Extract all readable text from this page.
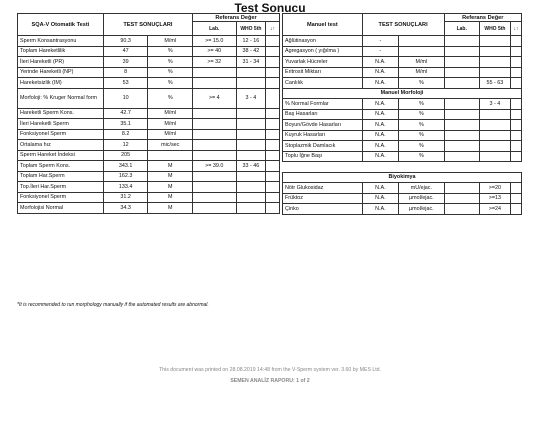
Test Sonucu
SQA-V Otomatik Testi	TEST SONUÇLARI		Referans Değer		
			Lab.	WHO 5th	↓↑
Sperm Konsantrasyonu	90.3	M/ml	>= 15.0	12 - 16	
Toplam Hareketlilik	47	%	>= 40	38 - 42	
İleri Hareketli (PR)	39	%	>= 32	31 - 34	
Yerinde Hareketli (NP)	8	%			
Hareketsizlik (IM)	53	%			
Morfoloji: % Kruger Normal form	10	%	>= 4	3 - 4	
Hareketli Sperm Kons.	42.7	M/ml			
İleri Hareketli Sperm	35.1	M/ml			
Fonksiyonel Sperm	8.2	M/ml			
Ortalama hız	12	mic/sec			
Sperm Hareket İndeksi	205				
Toplam Sperm Kons.	343.1	M	>= 39.0	33 - 46	
Toplam Har.Sperm	162.3	M			
Top.İleri Har.Sperm	133.4	M			
Fonksiyonel Sperm	31.2	M			
Morfolojisi Normal	34.3	M			
Manuel test	TEST SONUÇLARI		Referans Değer		
			Lab.	WHO 5th	↓↑
Ağlütinasyon	-				
Agregasyon ( yığılma )	-				
Yuvarlak Hücreler	N.A.	M/ml			
Eritrosit Miktarı	N.A.	M/ml			
Canlılık	N.A.	%		55 - 63	
Manuel Morfoloji					
% Normal Formlar	N.A.	%		3 - 4	
Baş Hasarları	N.A.	%			
Boyun/Gövde Hasarları	N.A.	%			
Kuyruk Hasarları	N.A.	%			
Stoplazmik Damlacık	N.A.	%			
Toplu İğne Başı	N.A.	%			

Biyokimya					
Nötr Glukosidaz	N.A.	mU/ejac.		>=20	
Früktoz	N.A.	µmol/ejac.		>=13	
Çinko	N.A.	µmol/ejac.		>=24	
*It is recommended to run morphology manually if the automated results are abnormal.
This document was printed on 28.08.2019 14:48 from the V-Sperm system ver. 3.60 by MES Ltd.
SEMEN ANALİZ RAPORU: 1 of 2
